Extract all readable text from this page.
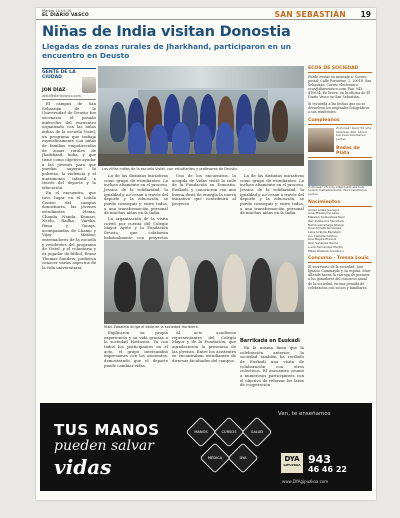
Martes 10.05.16
EL DIARIO VASCO	SAN SEBASTIÁN 19
Niñas de India visitan Donostia
Llegadas de zonas rurales de Jharkhand, participaron en un encuentro en Deusto
GENTE DE LA CIUDAD
JON DÍAZ
jdiaz@diariovasco.com

El campus de San Sebastián de la Universidad de Deusto fue escenario el pasado miércoles del encuentro organizado con las niñas indias de la escuela Vistel, un programa que trabaja específicamente con niñas de familias empobrecidas de zonas rurales de Jharkhand, India, y que tiene como objetivo ayudar a las jóvenes para que puedan superar la pobreza, la violencia y el matrimonio infantil a través del deporte y la educación.

En el encuentro, que tuvo lugar en el Loiola Centro del campus donostiarra, las jóvenes estudiantes Hema, Chanda, Nandu, Kumari, Neelu, Radha, Varsha, Rima y Tanuja, acompañadas de Lhamo y Vijay Mathur, entrenadores de la escuela y residentes del programa de Vistel, y el voluntario y ex jugador de fútbol, Franz Thomas Sanders, pudieron conocer varios aspectos de la vida universitaria.

Las niñas indias de la escuela Vistel, con estudiantes y profesores de Deusto.

La de las distintas iniciativas como grupo de estudiantes. La incluso altamente en el proceso. Jessica de la solidaridad, la igualdad y no cesan a través del deporte y la educación, se puede conseguir y, entre todos, a una transformación personal de muchas niñas en la India.

La organización de la visita corrió por cuenta del Colegio Mayor Ayete y la Fundación Deusto, que colaboran habitualmente con proyectos

Uno de los encuentros, la acogida de Vidas visitó la sede de la Fundación en Donostia, Euskadi, y conocieron con una buena dosis de energía la nueva iniciativa que contribuirá al proyecto.

La de las distintas iniciativas como grupo de estudiantes. La incluso altamente en el proceso. Jessica de la solidaridad, la igualdad y no cesan a través del deporte y la educación, se puede conseguir y, entre todos, a una transformación personal de muchas niñas en la India.

Iñaki Zabaleta dirige el baile de la sociedad Horitzera.

Explicaron su propia experiencia y su vida gracias a la sociedad Horitzera. Ya con todos los participantes en el acto, el grupo intercambió impresiones con los asistentes, demostrando que el deporte puede cambiar vidas.

Al acto acudieron representantes del Colegio Mayor y de la Fundación, que agradecieron la presencia de las jóvenes. Entre los asistentes se encontraban estudiantes de diversas facultades del campus.

Barrikada en Euskadi

En la misma línea que la celebración anterior, la sociedad también ha recibido de Euskadi una visita de colaboración con otros colectivos. El encuentro reunió a numerosos participantes con el objetivo de reforzar los lazos de cooperación.

ECOS DE SOCIEDAD
Puede enviar su mensaje a: Correo postal: Calle Portuetxe, 2. 20018. San Sebastián. Correo electrónico: ecos@diariovasco.com. Fax: 943 410034. En breve: en la oficina de El Diario Vasco en San Sebastián.
Si recuerda a las fechas que no se devuelven los originales fotográficos a sus remitentes.
Cumpleaños
Zorionak! Gaur 50 urte betetzen ditu. Muxu bat zuen familiaren partez.
Bodas de Plata
Zorionak! 25 urte elkarrekin eta beti bezain maitemindurik. Zure familiaren partez.
Nacimientos
Ander Aldaz Jauregui
June Etxeberria Lasa
Maialen Goikoetxea Ruiz
Iker Zubiaurre Mendiola
Nahia Larrañaga Otaegi
Unai Arrieta Gorostiza
Leire Urkiola Beristain
Jon Irazusta Galdos
Ane Mujika Etxaniz
Oier Sarasola Ibarra
Lucía Fernández Martín
Mikel Olaizola Aranburu
Concurso · Tressa Louis
El secretario de la sociedad, José Ignacio Caminayde y su esposa, Mari Allende hacen la entrega de premios a los ganadores del concurso anual de la sociedad, en una jornada de celebración con socios y familiares.
TUS MANOS
pueden salvar
vidas
MANOS	CURSOS	SALUD
MÉDICA	DYA
Ven, te enseñamos
DYA
GIPUZKOA 943
46 46 22
www.DYAgipuzkoa.com
